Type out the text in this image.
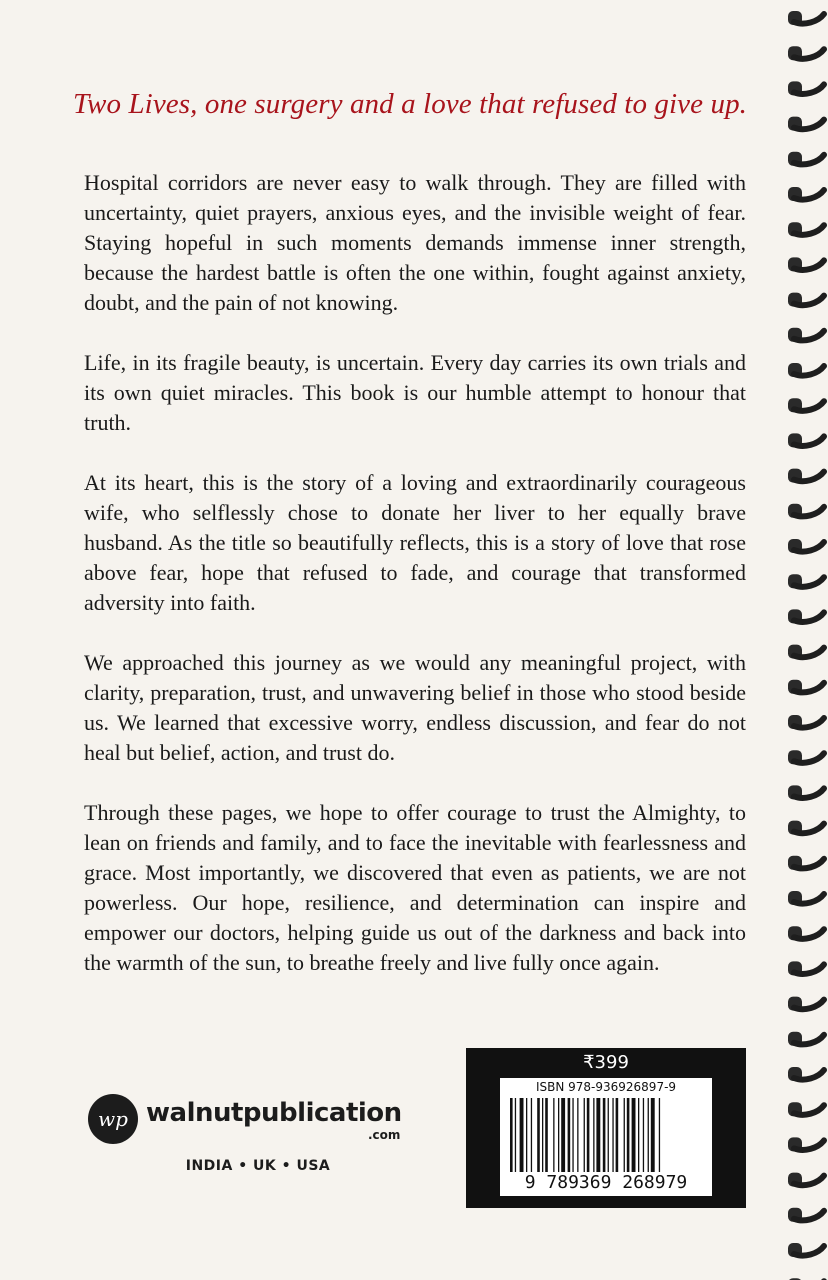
Two Lives, one surgery and a love that refused to give up.

Hospital corridors are never easy to walk through. They are filled with uncertainty, quiet prayers, anxious eyes, and the invisible weight of fear. Staying hopeful in such moments demands immense inner strength, because the hardest battle is often the one within, fought against anxiety, doubt, and the pain of not knowing.

Life, in its fragile beauty, is uncertain. Every day carries its own trials and its own quiet miracles. This book is our humble attempt to honour that truth.

At its heart, this is the story of a loving and extraordinarily courageous wife, who selflessly chose to donate her liver to her equally brave husband. As the title so beautifully reflects, this is a story of love that rose above fear, hope that refused to fade, and courage that transformed adversity into faith.

We approached this journey as we would any meaningful project, with clarity, preparation, trust, and unwavering belief in those who stood beside us. We learned that excessive worry, endless discussion, and fear do not heal but belief, action, and trust do.

Through these pages, we hope to offer courage to trust the Almighty, to lean on friends and family, and to face the inevitable with fearlessness and grace. Most importantly, we discovered that even as patients, we are not powerless. Our hope, resilience, and determination can inspire and empower our doctors, helping guide us out of the darkness and back into the warmth of the sun, to breathe freely and live fully once again.

wp walnutpublication
.com
INDIA • UK • USA
₹399
ISBN 978-936926897-9
9 789369 268979
